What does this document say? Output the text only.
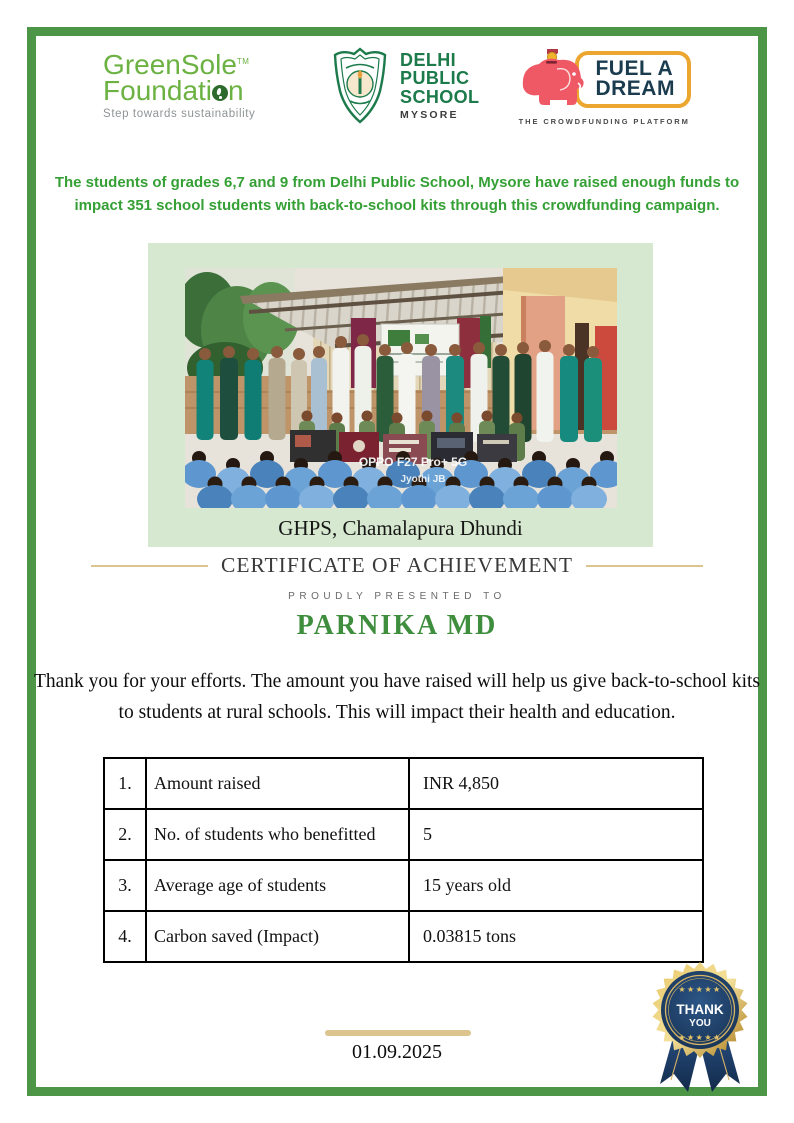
GreenSole™
Foundati n
Step towards sustainability
DELHI
PUBLIC
SCHOOL
MYSORE
FUEL A
DREAM
THE CROWDFUNDING PLATFORM
The students of grades 6,7 and 9 from Delhi Public School, Mysore have raised enough funds to impact 351 school students with back-to-school kits through this crowdfunding campaign.
OPPO F27 Pro+ 5G
Jyothi JB
GHPS, Chamalapura Dhundi
CERTIFICATE OF ACHIEVEMENT
PROUDLY PRESENTED TO
PARNIKA MD
Thank you for your efforts. The amount you have raised will help us give back-to-school kits to students at rural schools. This will impact their health and education.
1.	Amount raised	INR 4,850
2.	No. of students who benefitted	5
3.	Average age of students	15 years old
4.	Carbon saved (Impact)	0.03815 tons
01.09.2025
★★★★★
THANK
YOU
★★★★★
